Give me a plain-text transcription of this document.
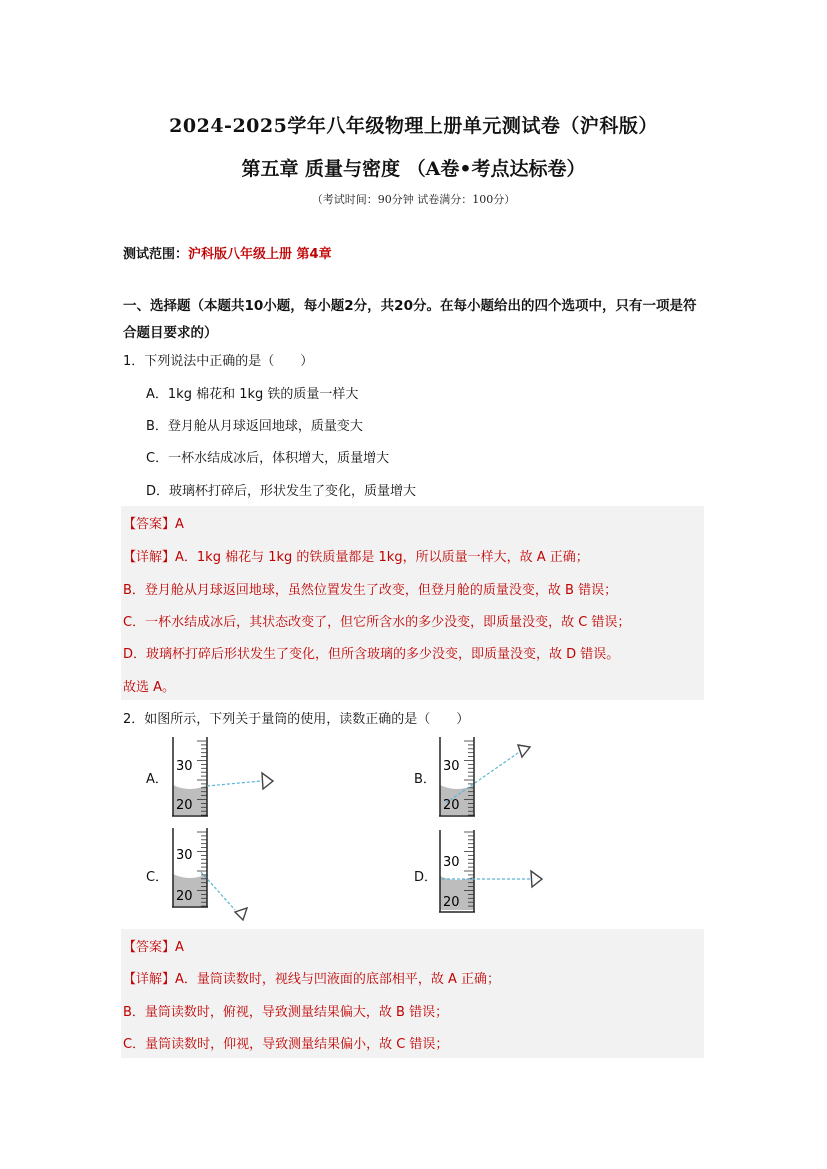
2024-2025学年八年级物理上册单元测试卷（沪科版）
第五章 质量与密度 （A卷•考点达标卷）
（考试时间：90分钟 试卷满分：100分）
测试范围：沪科版八年级上册 第4章
一、选择题（本题共10小题，每小题2分，共20分。在每小题给出的四个选项中，只有一项是符合题目要求的）
1．下列说法中正确的是（　　）
A．1kg 棉花和 1kg 铁的质量一样大
B．登月舱从月球返回地球，质量变大
C．一杯水结成冰后，体积增大，质量增大
D．玻璃杯打碎后，形状发生了变化，质量增大
【答案】A
【详解】A．1kg 棉花与 1kg 的铁质量都是 1kg，所以质量一样大，故 A 正确；
B．登月舱从月球返回地球，虽然位置发生了改变，但登月舱的质量没变，故 B 错误；
C．一杯水结成冰后，其状态改变了，但它所含水的多少没变，即质量没变，故 C 错误；
D．玻璃杯打碎后形状发生了变化，但所含玻璃的多少没变，即质量没变，故 D 错误。
故选 A。
2．如图所示，下列关于量筒的使用，读数正确的是（　　）
A．	B．
C．	D．
30
20
30
20
30
20
30
20
【答案】A
【详解】A．量筒读数时，视线与凹液面的底部相平，故 A 正确；
B．量筒读数时，俯视，导致测量结果偏大，故 B 错误；
C．量筒读数时，仰视，导致测量结果偏小，故 C 错误；
